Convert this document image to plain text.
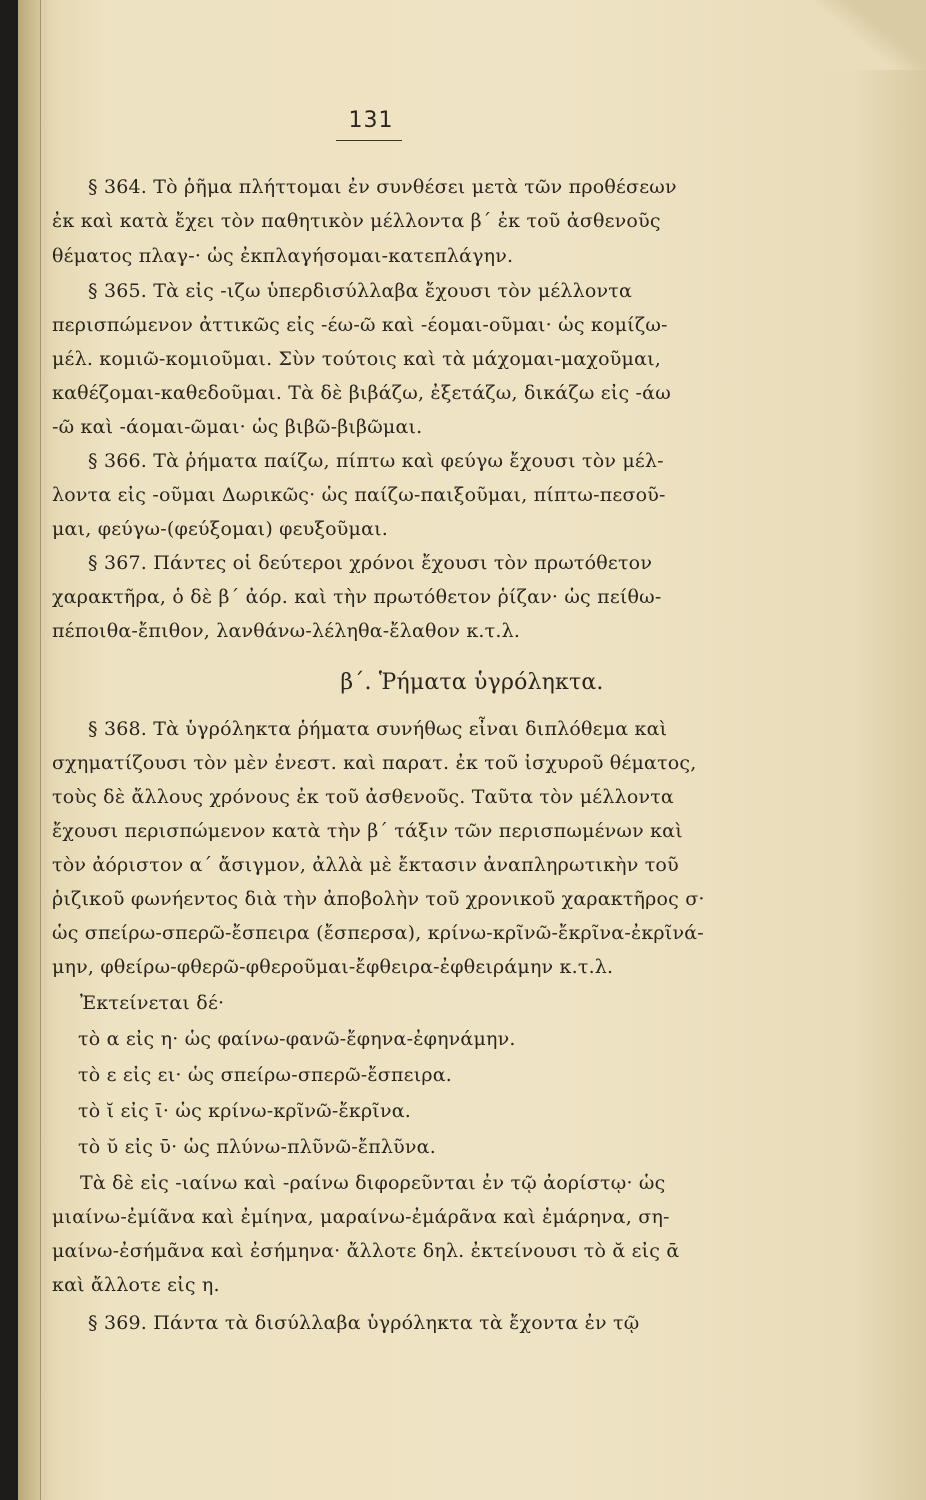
131
§ 364. Τὸ ῥῆμα πλήττομαι ἐν συνθέσει μετὰ τῶν προθέσεων
ἐκ καὶ κατὰ ἔχει τὸν παθητικὸν μέλλοντα β΄ ἐκ τοῦ ἀσθενοῦς
θέματος πλαγ-· ὡς ἐκπλαγήσομαι-κατεπλάγην.
§ 365. Τὰ εἰς -ιζω ὑπερδισύλλαβα ἔχουσι τὸν μέλλοντα
περισπώμενον ἀττικῶς εἰς -έω-ῶ καὶ -έομαι-οῦμαι· ὡς κομίζω-
μέλ. κομιῶ-κομιοῦμαι. Σὺν τούτοις καὶ τὰ μάχομαι-μαχοῦμαι,
καθέζομαι-καθεδοῦμαι. Τὰ δὲ βιβάζω, ἐξετάζω, δικάζω εἰς -άω
-ῶ καὶ -άομαι-ῶμαι· ὡς βιβῶ-βιβῶμαι.
§ 366. Τὰ ῥήματα παίζω, πίπτω καὶ φεύγω ἔχουσι τὸν μέλ-
λοντα εἰς -οῦμαι Δωρικῶς· ὡς παίζω-παιξοῦμαι, πίπτω-πεσοῦ-
μαι, φεύγω-(φεύξομαι) φευξοῦμαι.
§ 367. Πάντες οἱ δεύτεροι χρόνοι ἔχουσι τὸν πρωτόθετον
χαρακτῆρα, ὁ δὲ β΄ ἀόρ. καὶ τὴν πρωτόθετον ῥίζαν· ὡς πείθω-
πέποιθα-ἔπιθον, λανθάνω-λέληθα-ἔλαθον κ.τ.λ.
β΄. Ῥήματα ὑγρόληκτα.
§ 368. Τὰ ὑγρόληκτα ῥήματα συνήθως εἶναι διπλόθεμα καὶ
σχηματίζουσι τὸν μὲν ἐνεστ. καὶ παρατ. ἐκ τοῦ ἰσχυροῦ θέματος,
τοὺς δὲ ἄλλους χρόνους ἐκ τοῦ ἀσθενοῦς. Ταῦτα τὸν μέλλοντα
ἔχουσι περισπώμενον κατὰ τὴν β΄ τάξιν τῶν περισπωμένων καὶ
τὸν ἀόριστον α΄ ἄσιγμον, ἀλλὰ μὲ ἔκτασιν ἀναπληρωτικὴν τοῦ
ῥιζικοῦ φωνήεντος διὰ τὴν ἀποβολὴν τοῦ χρονικοῦ χαρακτῆρος σ·
ὡς σπείρω-σπερῶ-ἔσπειρα (ἔσπερσα), κρίνω-κρῖνῶ-ἔκρῖνα-ἐκρῖνά-
μην, φθείρω-φθερῶ-φθεροῦμαι-ἔφθειρα-ἐφθειράμην κ.τ.λ.
Ἐκτείνεται δέ·
τὸ α εἰς η· ὡς φαίνω-φανῶ-ἔφηνα-ἐφηνάμην.
τὸ ε εἰς ει· ὡς σπείρω-σπερῶ-ἔσπειρα.
τὸ ῐ εἰς ῑ· ὡς κρίνω-κρῖνῶ-ἔκρῖνα.
τὸ ῠ εἰς ῡ· ὡς πλύνω-πλῦνῶ-ἔπλῦνα.
Τὰ δὲ εἰς -ιαίνω καὶ -ραίνω διφορεῦνται ἐν τῷ ἀορίστῳ· ὡς
μιαίνω-ἐμίᾶνα καὶ ἐμίηνα, μαραίνω-ἐμάρᾶνα καὶ ἐμάρηνα, ση-
μαίνω-ἐσήμᾶνα καὶ ἐσήμηνα· ἄλλοτε δηλ. ἐκτείνουσι τὸ ᾰ εἰς ᾱ
καὶ ἄλλοτε εἰς η.
§ 369. Πάντα τὰ δισύλλαβα ὑγρόληκτα τὰ ἔχοντα ἐν τῷ
